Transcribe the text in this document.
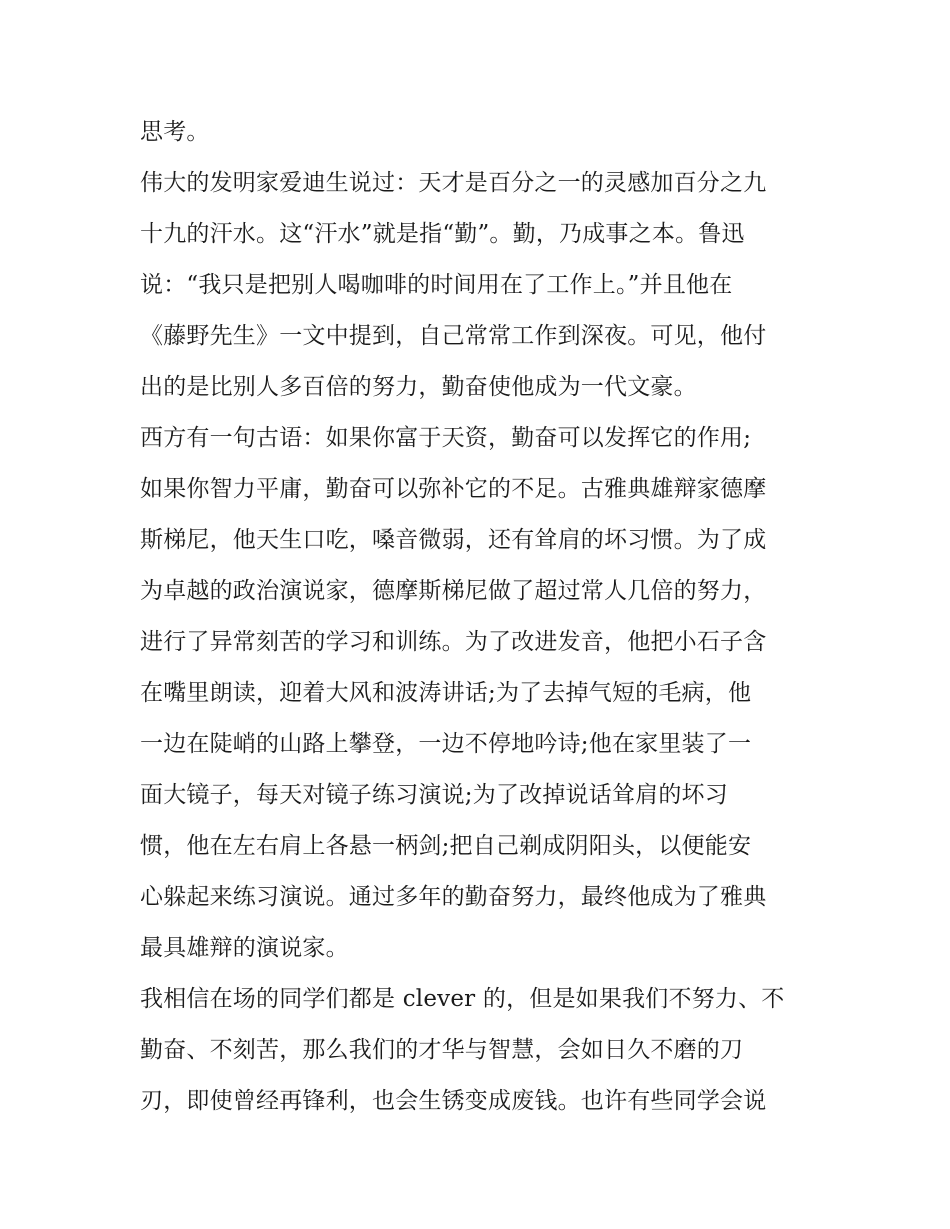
思考。
伟大的发明家爱迪生说过：天才是百分之一的灵感加百分之九
十九的汗水。这“汗水”就是指“勤”。勤，乃成事之本。鲁迅
说：“我只是把别人喝咖啡的时间用在了工作上。”并且他在
《藤野先生》一文中提到，自己常常工作到深夜。可见，他付
出的是比别人多百倍的努力，勤奋使他成为一代文豪。
西方有一句古语：如果你富于天资，勤奋可以发挥它的作用;
如果你智力平庸，勤奋可以弥补它的不足。古雅典雄辩家德摩
斯梯尼，他天生口吃，嗓音微弱，还有耸肩的坏习惯。为了成
为卓越的政治演说家，德摩斯梯尼做了超过常人几倍的努力，
进行了异常刻苦的学习和训练。为了改进发音，他把小石子含
在嘴里朗读，迎着大风和波涛讲话;为了去掉气短的毛病，他
一边在陡峭的山路上攀登，一边不停地吟诗;他在家里装了一
面大镜子，每天对镜子练习演说;为了改掉说话耸肩的坏习
惯，他在左右肩上各悬一柄剑;把自己剃成阴阳头，以便能安
心躲起来练习演说。通过多年的勤奋努力，最终他成为了雅典
最具雄辩的演说家。
我相信在场的同学们都是 clever 的，但是如果我们不努力、不
勤奋、不刻苦，那么我们的才华与智慧，会如日久不磨的刀
刃，即使曾经再锋利，也会生锈变成废钱。也许有些同学会说
